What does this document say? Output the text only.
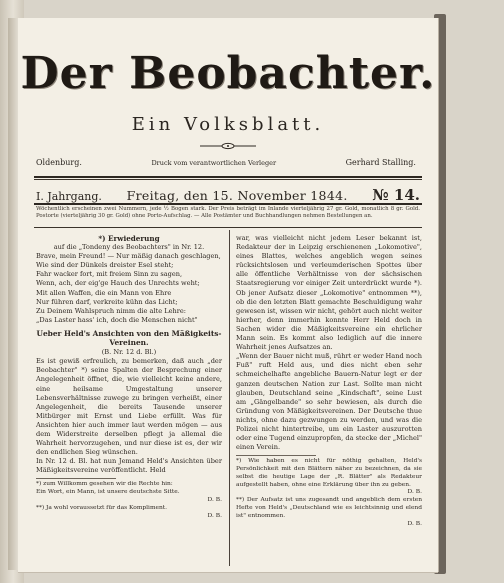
Der Beobachter.
Ein Volksblatt.
Oldenburg.	Druck vom verantwortlichen Verleger	Gerhard Stalling.
I. Jahrgang. Freitag, den 15. November 1844. № 14.
Wöchentlich erscheinen zwei Nummern, jede ½ Bogen stark. Der Preis beträgt im Inlande vierteljährig 27 gr. Gold, monatlich 8 gr. Gold. Postorte (vierteljährig 30 gr. Gold) ohne Porto-Aufschlag. — Alle Postämter und Buchhandlungen nehmen Bestellungen an.

*) Erwiederung

auf die „Tondeny des Beobachters" in Nr. 12.

Brave, mein Freund! — Nur mäßig danach geschlagen,

Wie sind der Dünkels dreister Esel steht;

Fahr wacker fort, mit freiem Sinn zu sagen,

Wenn, ach, der eig'ge Hauch des Unrechts weht;

Mit allen Waffen, die ein Mann von Ehre

Nur führen darf, verkreite kühn das Licht;

Zu Deinem Wahlspruch nimm die alte Lehre:

„Das Laster hass' ich, doch die Menschen nicht"

Ueber Held's Ansichten von den Mäßigkeits-Vereinen.

(B. Nr. 12 d. Bl.)

Es ist gewiß erfreulich, zu bemerken, daß auch „der Beobachter" *) seine Spalten der Besprechung einer Angelegenheit öffnet, die, wie vielleicht keine andere, eine heilsame Umgestaltung unserer Lebensverhältnisse zuwege zu bringen verheißt, einer Angelegenheit, die bereits Tausende unserer Mitbürger mit Ernst und Liebe erfüllt. Was für Ansichten hier auch immer laut werden mögen — aus dem Widerstreite derselben pflegt ja allemal die Wahrheit hervorzugehen, und nur diese ist es, der wir den endlichen Sieg wünschen.

In Nr. 12 d. Bl. hat nun Jemand Held's Ansichten über Mäßigkeitsvereine veröffentlicht. Held

*) zum Willkomm gesehen wir die Rechte hin:

Ein Wort, ein Mann, ist unsere deutschste Sitte.

D. B.

**) Ja wohl voraussetzt für das Kompliment.

D. B.

war, was vielleicht nicht jedem Leser bekannt ist, Redakteur der in Leipzig erschienenen „Lokomotive", eines Blattes, welches angeblich wegen seines rücksichtslosen und verleumderischen Spottes über alle öffentliche Verhältnisse von der sächsischen Staatsregierung vor einiger Zeit unterdrückt wurde *). Ob jener Aufsatz dieser „Lokomotive" entnommen **), ob die den letzten Blatt gemachte Beschuldigung wahr gewesen ist, wissen wir nicht, gehört auch nicht weiter hierher, denn immerhin konnte Herr Held doch in Sachen wider die Mäßigkeitsvereine ein ehrlicher Mann sein. Es kommt also lediglich auf die innere Wahrheit jenes Aufsatzes an.

„Wenn der Bauer nicht muß, rührt er weder Hand noch Fuß" ruft Held aus, und dies nicht eben sehr schmeichelhafte angebliche Bauern-Natur legt er der ganzen deutschen Nation zur Last. Sollte man nicht glauben, Deutschland seine „Kindschaft", seine Lust am „Gängelbande" so sehr bewiesen, als durch die Gründung von Mäßigkeitsvereinen. Der Deutsche thue nichts, ohne dazu gezwungen zu werden, und was die Polizei nicht hintertreibe, um ein Laster auszurotten oder eine Tugend einzupropfen, da stecke der „Michel" einen Verein.

*) Wie haben es nicht für nöthig gehalten, Held's Persönlichkeit mit den Blättern näher zu bezeichnen, da sie selbst die heutige Lage der „R. Blätter" als Redakteur aufgestellt haben, ohne eine Erklärung über ihn zu geben.

D. B.

**) Der Aufsatz ist uns zugesandt und angeblich dem ersten Hefte von Held's „Deutschland wie es leichtsinnig und elend ist" entnommen.

D. B.
